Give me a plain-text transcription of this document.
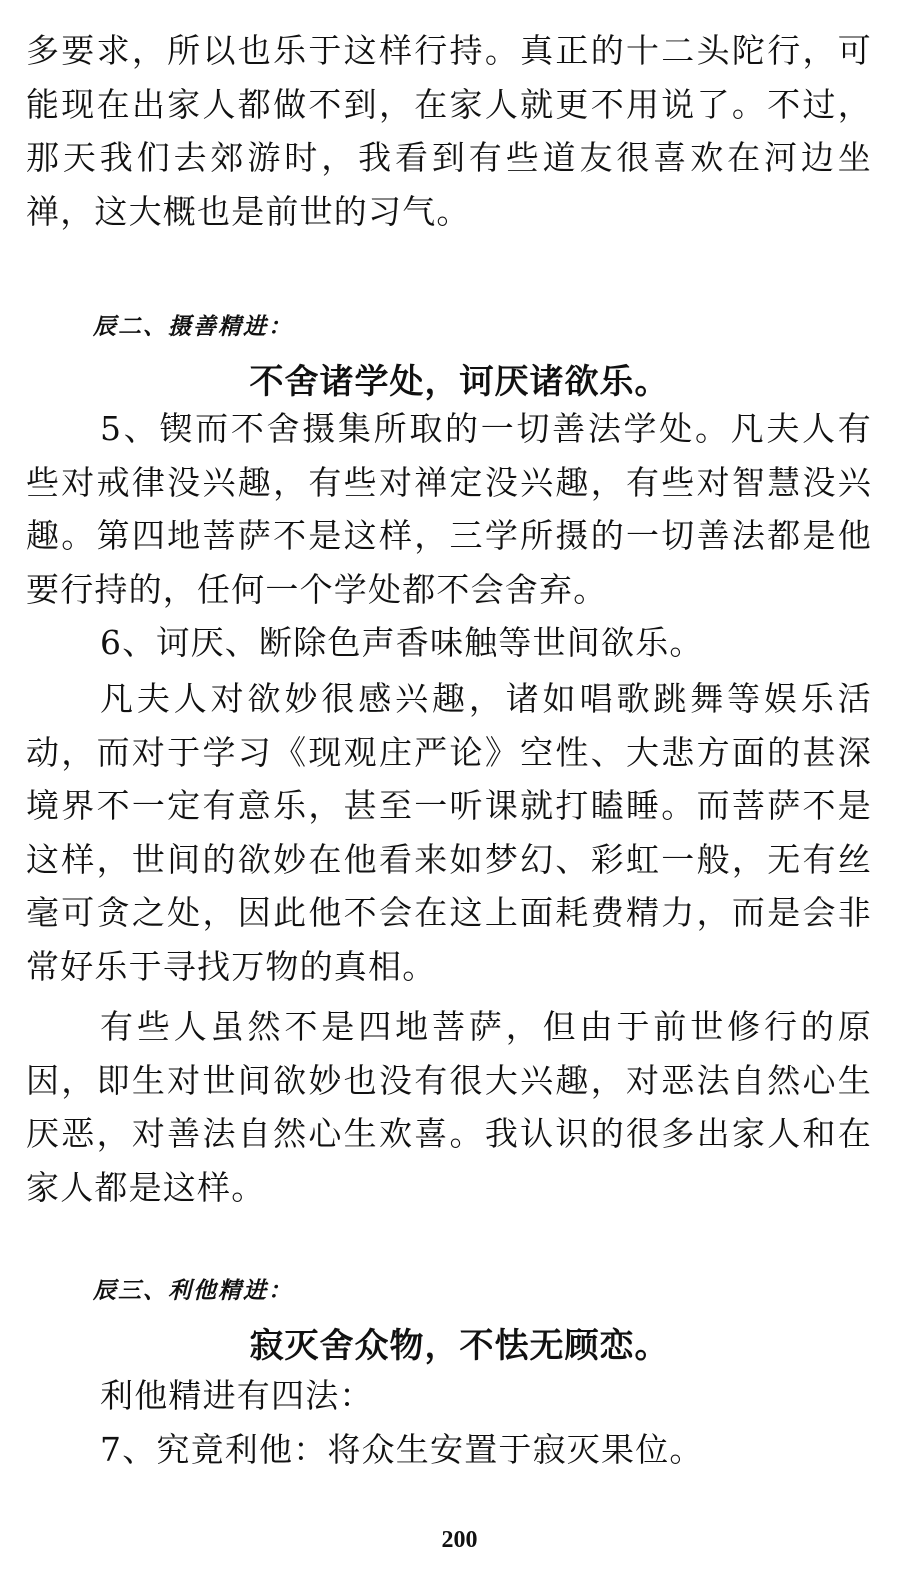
多要求，所以也乐于这样行持。真正的十二头陀行，可能现在出家人都做不到，在家人就更不用说了。不过，那天我们去郊游时，我看到有些道友很喜欢在河边坐禅，这大概也是前世的习气。

辰二、摄善精进：

不舍诸学处，诃厌诸欲乐。

5、锲而不舍摄集所取的一切善法学处。凡夫人有些对戒律没兴趣，有些对禅定没兴趣，有些对智慧没兴趣。第四地菩萨不是这样，三学所摄的一切善法都是他要行持的，任何一个学处都不会舍弃。

6、诃厌、断除色声香味触等世间欲乐。

凡夫人对欲妙很感兴趣，诸如唱歌跳舞等娱乐活动，而对于学习《现观庄严论》空性、大悲方面的甚深境界不一定有意乐，甚至一听课就打瞌睡。而菩萨不是这样，世间的欲妙在他看来如梦幻、彩虹一般，无有丝毫可贪之处，因此他不会在这上面耗费精力，而是会非常好乐于寻找万物的真相。

有些人虽然不是四地菩萨，但由于前世修行的原因，即生对世间欲妙也没有很大兴趣，对恶法自然心生厌恶，对善法自然心生欢喜。我认识的很多出家人和在家人都是这样。

辰三、利他精进：

寂灭舍众物，不怯无顾恋。

利他精进有四法：

7、究竟利他：将众生安置于寂灭果位。

200
